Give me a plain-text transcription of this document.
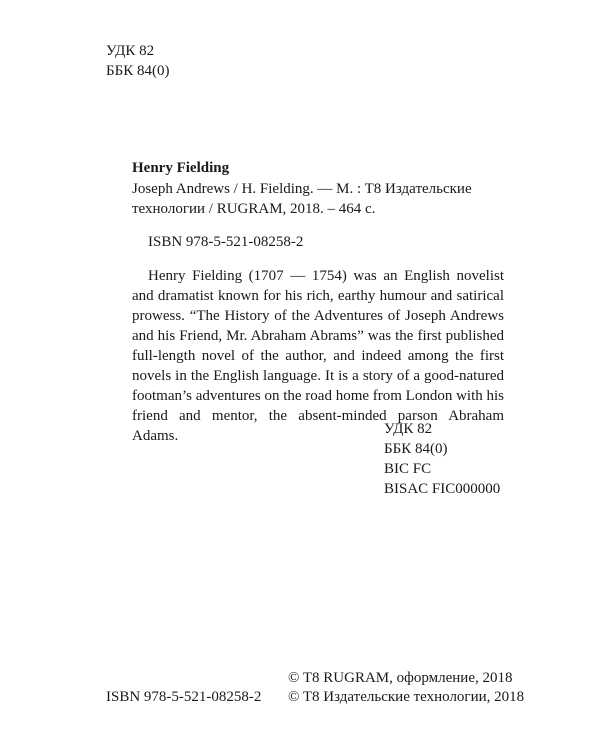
УДК 82
ББК 84(0)
Henry Fielding
Joseph Andrews / H. Fielding. — M. : T8 Издательские
технологии / RUGRAM, 2018. – 464 с.
ISBN 978-5-521-08258-2

Henry Fielding (1707 — 1754) was an English novelist and dramatist known for his rich, earthy humour and satirical prowess. “The History of the Adventures of Joseph Andrews and his Friend, Mr. Abraham Abrams” was the first published full-length novel of the author, and indeed among the first novels in the English language. It is a story of a good-natured footman’s adventures on the road home from London with his friend and mentor, the absent-minded parson Abraham Adams.	УДК 82
ББК 84(0)
BIC FC
BISAC FIC000000
© T8 RUGRAM, оформление, 2018
© T8 Издательские технологии, 2018
ISBN 978-5-521-08258-2
